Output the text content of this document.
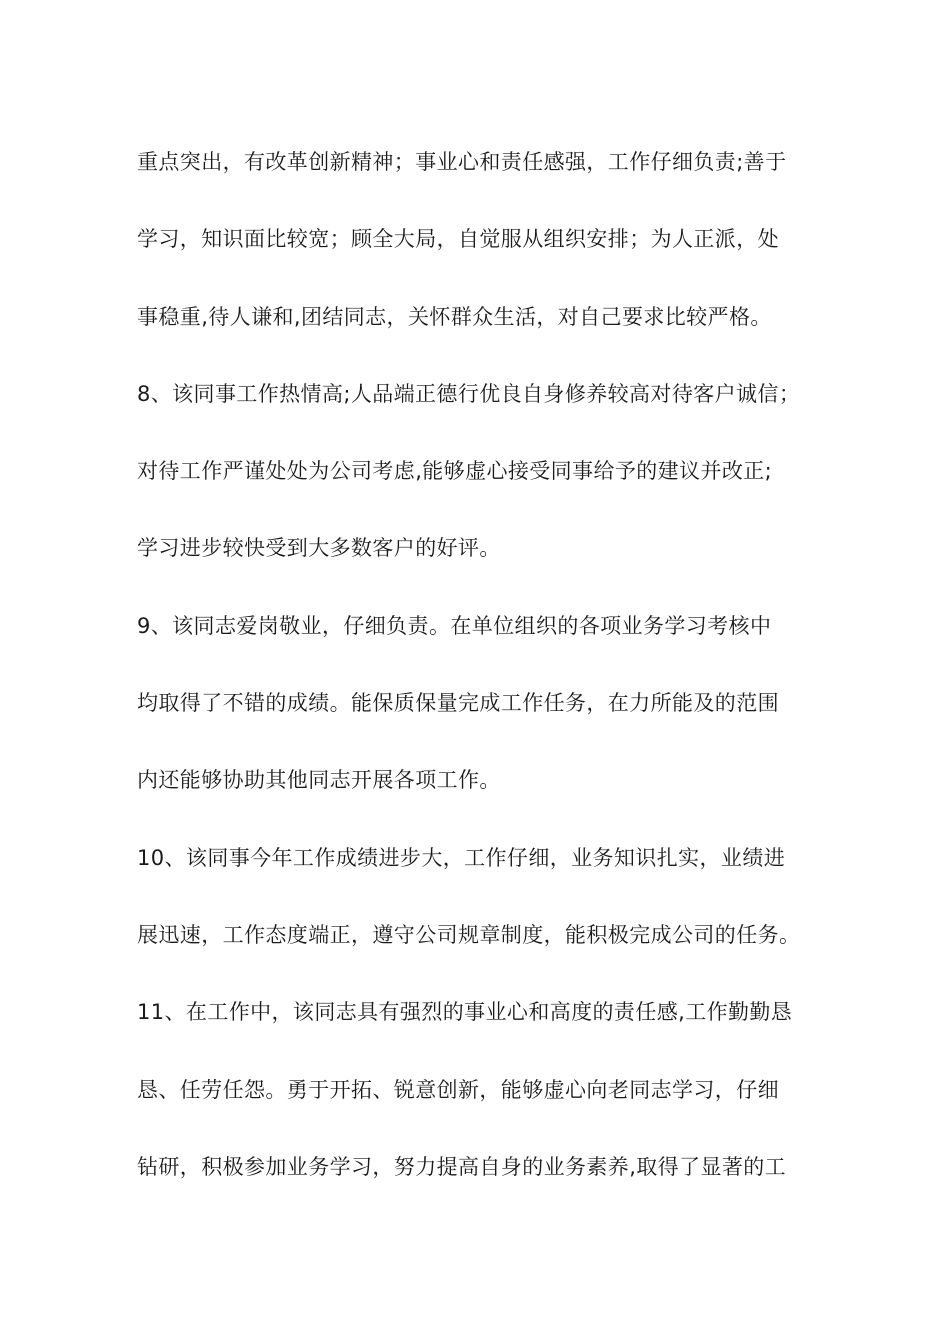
重点突出，有改革创新精神；事业心和责任感强，工作仔细负责;善于
学习，知识面比较宽；顾全大局，自觉服从组织安排；为人正派，处
事稳重,待人谦和,团结同志，关怀群众生活，对自己要求比较严格。
8、该同事工作热情高;人品端正德行优良自身修养较高对待客户诚信；
对待工作严谨处处为公司考虑,能够虚心接受同事给予的建议并改正;
学习进步较快受到大多数客户的好评。
9、该同志爱岗敬业，仔细负责。在单位组织的各项业务学习考核中
均取得了不错的成绩。能保质保量完成工作任务，在力所能及的范围
内还能够协助其他同志开展各项工作。
10、该同事今年工作成绩进步大，工作仔细，业务知识扎实，业绩进
展迅速，工作态度端正，遵守公司规章制度，能积极完成公司的任务。
11、在工作中，该同志具有强烈的事业心和高度的责任感,工作勤勤恳
恳、任劳任怨。勇于开拓、锐意创新，能够虚心向老同志学习，仔细
钻研，积极参加业务学习，努力提高自身的业务素养,取得了显著的工
